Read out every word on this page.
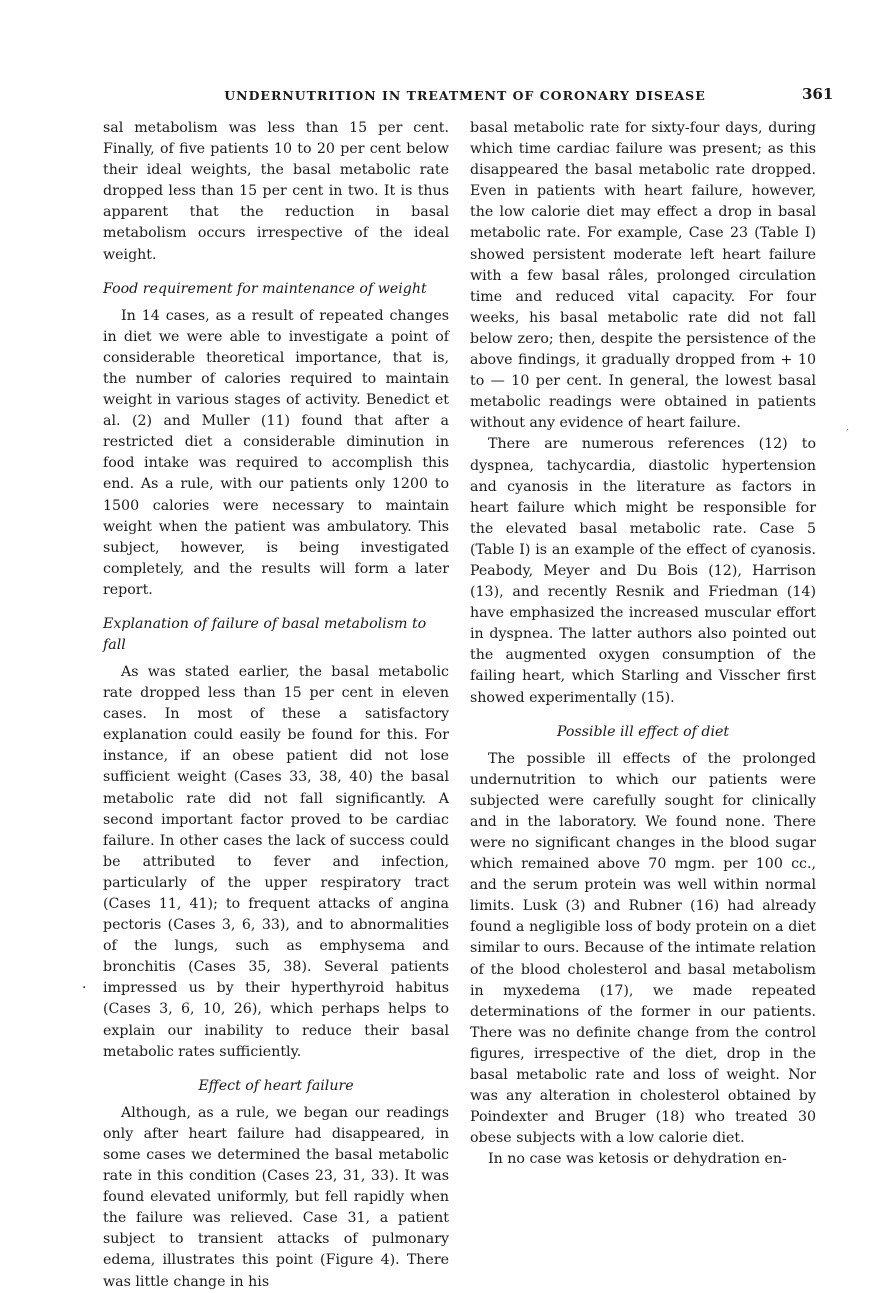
UNDERNUTRITION IN TREATMENT OF CORONARY DISEASE	361

sal metabolism was less than 15 per cent. Finally, of five patients 10 to 20 per cent below their ideal weights, the basal metabolic rate dropped less than 15 per cent in two. It is thus apparent that the reduction in basal metabolism occurs irrespective of the ideal weight.

Food requirement for maintenance of weight

In 14 cases, as a result of repeated changes in diet we were able to investigate a point of considerable theoretical importance, that is, the number of calories required to maintain weight in various stages of activity. Benedict et al. (2) and Muller (11) found that after a restricted diet a considerable diminution in food intake was required to accomplish this end. As a rule, with our patients only 1200 to 1500 calories were necessary to maintain weight when the patient was ambulatory. This subject, however, is being investigated completely, and the results will form a later report.

Explanation of failure of basal metabolism to fall

As was stated earlier, the basal metabolic rate dropped less than 15 per cent in eleven cases. In most of these a satisfactory explanation could easily be found for this. For instance, if an obese patient did not lose sufficient weight (Cases 33, 38, 40) the basal metabolic rate did not fall significantly. A second important factor proved to be cardiac failure. In other cases the lack of success could be attributed to fever and infection, particularly of the upper respiratory tract (Cases 11, 41); to frequent attacks of angina pectoris (Cases 3, 6, 33), and to abnormalities of the lungs, such as emphysema and bronchitis (Cases 35, 38). Several patients impressed us by their hyperthyroid habitus (Cases 3, 6, 10, 26), which perhaps helps to explain our inability to reduce their basal metabolic rates sufficiently.

Effect of heart failure

Although, as a rule, we began our readings only after heart failure had disappeared, in some cases we determined the basal metabolic rate in this condition (Cases 23, 31, 33). It was found elevated uniformly, but fell rapidly when the failure was relieved. Case 31, a patient subject to transient attacks of pulmonary edema, illustrates this point (Figure 4). There was little change in his

basal metabolic rate for sixty-four days, during which time cardiac failure was present; as this disappeared the basal metabolic rate dropped. Even in patients with heart failure, however, the low calorie diet may effect a drop in basal metabolic rate. For example, Case 23 (Table I) showed persistent moderate left heart failure with a few basal râles, prolonged circulation time and reduced vital capacity. For four weeks, his basal metabolic rate did not fall below zero; then, despite the persistence of the above findings, it gradually dropped from + 10 to — 10 per cent. In general, the lowest basal metabolic readings were obtained in patients without any evidence of heart failure.

There are numerous references (12) to dyspnea, tachycardia, diastolic hypertension and cyanosis in the literature as factors in heart failure which might be responsible for the elevated basal metabolic rate. Case 5 (Table I) is an example of the effect of cyanosis. Peabody, Meyer and Du Bois (12), Harrison (13), and recently Resnik and Friedman (14) have emphasized the increased muscular effort in dyspnea. The latter authors also pointed out the augmented oxygen consumption of the failing heart, which Starling and Visscher first showed experimentally (15).

Possible ill effect of diet

The possible ill effects of the prolonged undernutrition to which our patients were subjected were carefully sought for clinically and in the laboratory. We found none. There were no significant changes in the blood sugar which remained above 70 mgm. per 100 cc., and the serum protein was well within normal limits. Lusk (3) and Rubner (16) had already found a negligible loss of body protein on a diet similar to ours. Because of the intimate relation of the blood cholesterol and basal metabolism in myxedema (17), we made repeated determinations of the former in our patients. There was no definite change from the control figures, irrespective of the diet, drop in the basal metabolic rate and loss of weight. Nor was any alteration in cholesterol obtained by Poindexter and Bruger (18) who treated 30 obese subjects with a low calorie diet.

In no case was ketosis or dehydration en-

·
′
